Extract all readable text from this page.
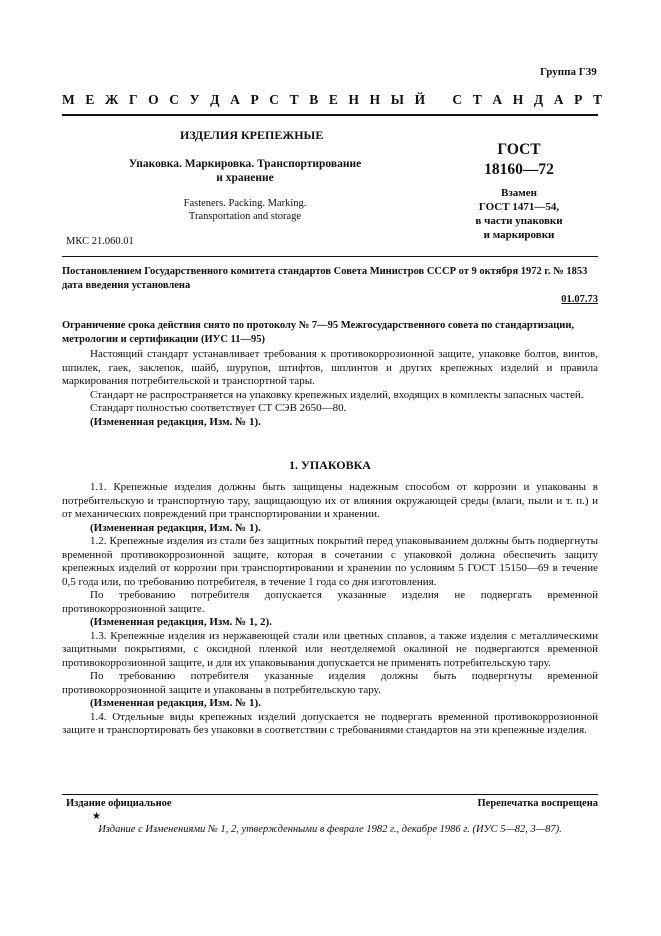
Группа Г39
М Е Ж Г О С У Д А Р С Т В Е Н Н Ы Й С Т А Н Д А Р Т
ИЗДЕЛИЯ КРЕПЕЖНЫЕ
Упаковка. Маркировка. Транспортирование
и хранение
Fasteners. Packing. Marking.
Transportation and storage
МКС 21.060.01
ГОСТ
18160—72
Взамен
ГОСТ 1471—54,
в части упаковки
и маркировки
Постановлением Государственного комитета стандартов Совета Министров СССР от 9 октября 1972 г. № 1853 дата введения установлена
01.07.73
Ограничение срока действия снято по протоколу № 7—95 Межгосударственного совета по стандартизации, метрологии и сертификации (ИУС 11—95)

Настоящий стандарт устанавливает требования к противокоррозионной защите, упаковке болтов, винтов, шпилек, гаек, заклепок, шайб, шурупов, штифтов, шплинтов и других крепежных изделий и правила маркирования потребительской и транспортной тары.

Стандарт не распространяется на упаковку крепежных изделий, входящих в комплекты запасных частей.

Стандарт полностью соответствует СТ СЭВ 2650—80.

(Измененная редакция, Изм. № 1).

1. УПАКОВКА

1.1. Крепежные изделия должны быть защищены надежным способом от коррозии и упакованы в потребительскую и транспортную тару, защищающую их от влияния окружающей среды (влаги, пыли и т. п.) и от механических повреждений при транспортировании и хранении.

(Измененная редакция, Изм. № 1).

1.2. Крепежные изделия из стали без защитных покрытий перед упаковыванием должны быть подвергнуты временной противокоррозионной защите, которая в сочетании с упаковкой должна обеспечить защиту крепежных изделий от коррозии при транспортировании и хранении по условиям 5 ГОСТ 15150—69 в течение 0,5 года или, по требованию потребителя, в течение 1 года со дня изготовления.

По требованию потребителя допускается указанные изделия не подвергать временной противокоррозионной защите.

(Измененная редакция, Изм. № 1, 2).

1.3. Крепежные изделия из нержавеющей стали или цветных сплавов, а также изделия с металлическими защитными покрытиями, с оксидной пленкой или неотделяемой окалиной не подвергаются временной противокоррозионной защите, и для их упаковывания допускается не применять потребительскую тару.

По требованию потребителя указанные изделия должны быть подвергнуты временной противокоррозионной защите и упакованы в потребительскую тару.

(Измененная редакция, Изм. № 1).

1.4. Отдельные виды крепежных изделий допускается не подвергать временной противокоррозионной защите и транспортировать без упаковки в соответствии с требованиями стандартов на эти крепежные изделия.

Издание официальное	Перепечатка воспрещена
★
Издание с Изменениями № 1, 2, утвержденными в феврале 1982 г., декабре 1986 г. (ИУС 5—82, 3—87).
